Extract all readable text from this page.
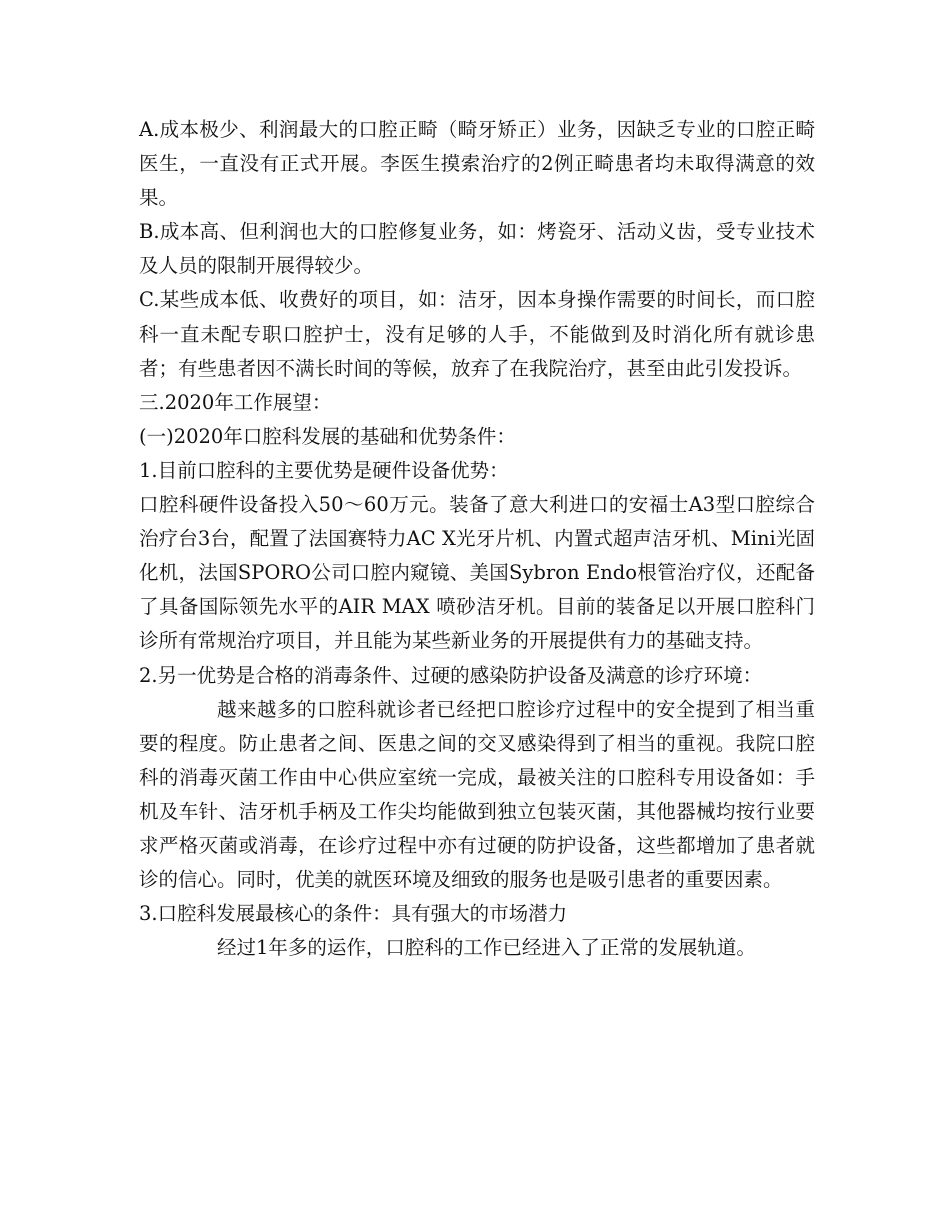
A.成本极少、利润最大的口腔正畸（畸牙矫正）业务，因缺乏专业的口腔正畸医生，一直没有正式开展。李医生摸索治疗的2例正畸患者均未取得满意的效果。

B.成本高、但利润也大的口腔修复业务，如：烤瓷牙、活动义齿，受专业技术及人员的限制开展得较少。

C.某些成本低、收费好的项目，如：洁牙，因本身操作需要的时间长，而口腔科一直未配专职口腔护士，没有足够的人手，不能做到及时消化所有就诊患者；有些患者因不满长时间的等候，放弃了在我院治疗，甚至由此引发投诉。

三.2020年工作展望：

(一)2020年口腔科发展的基础和优势条件：

1.目前口腔科的主要优势是硬件设备优势：

口腔科硬件设备投入50～60万元。装备了意大利进口的安福士A3型口腔综合治疗台3台，配置了法国赛特力AC X光牙片机、内置式超声洁牙机、Mini光固化机，法国SPORO公司口腔内窥镜、美国Sybron Endo根管治疗仪，还配备了具备国际领先水平的AIR MAX 喷砂洁牙机。目前的装备足以开展口腔科门诊所有常规治疗项目，并且能为某些新业务的开展提供有力的基础支持。

2.另一优势是合格的消毒条件、过硬的感染防护设备及满意的诊疗环境：

越来越多的口腔科就诊者已经把口腔诊疗过程中的安全提到了相当重要的程度。防止患者之间、医患之间的交叉感染得到了相当的重视。我院口腔科的消毒灭菌工作由中心供应室统一完成，最被关注的口腔科专用设备如：手机及车针、洁牙机手柄及工作尖均能做到独立包装灭菌，其他器械均按行业要求严格灭菌或消毒，在诊疗过程中亦有过硬的防护设备，这些都增加了患者就诊的信心。同时，优美的就医环境及细致的服务也是吸引患者的重要因素。

3.口腔科发展最核心的条件：具有强大的市场潜力

经过1年多的运作，口腔科的工作已经进入了正常的发展轨道。
